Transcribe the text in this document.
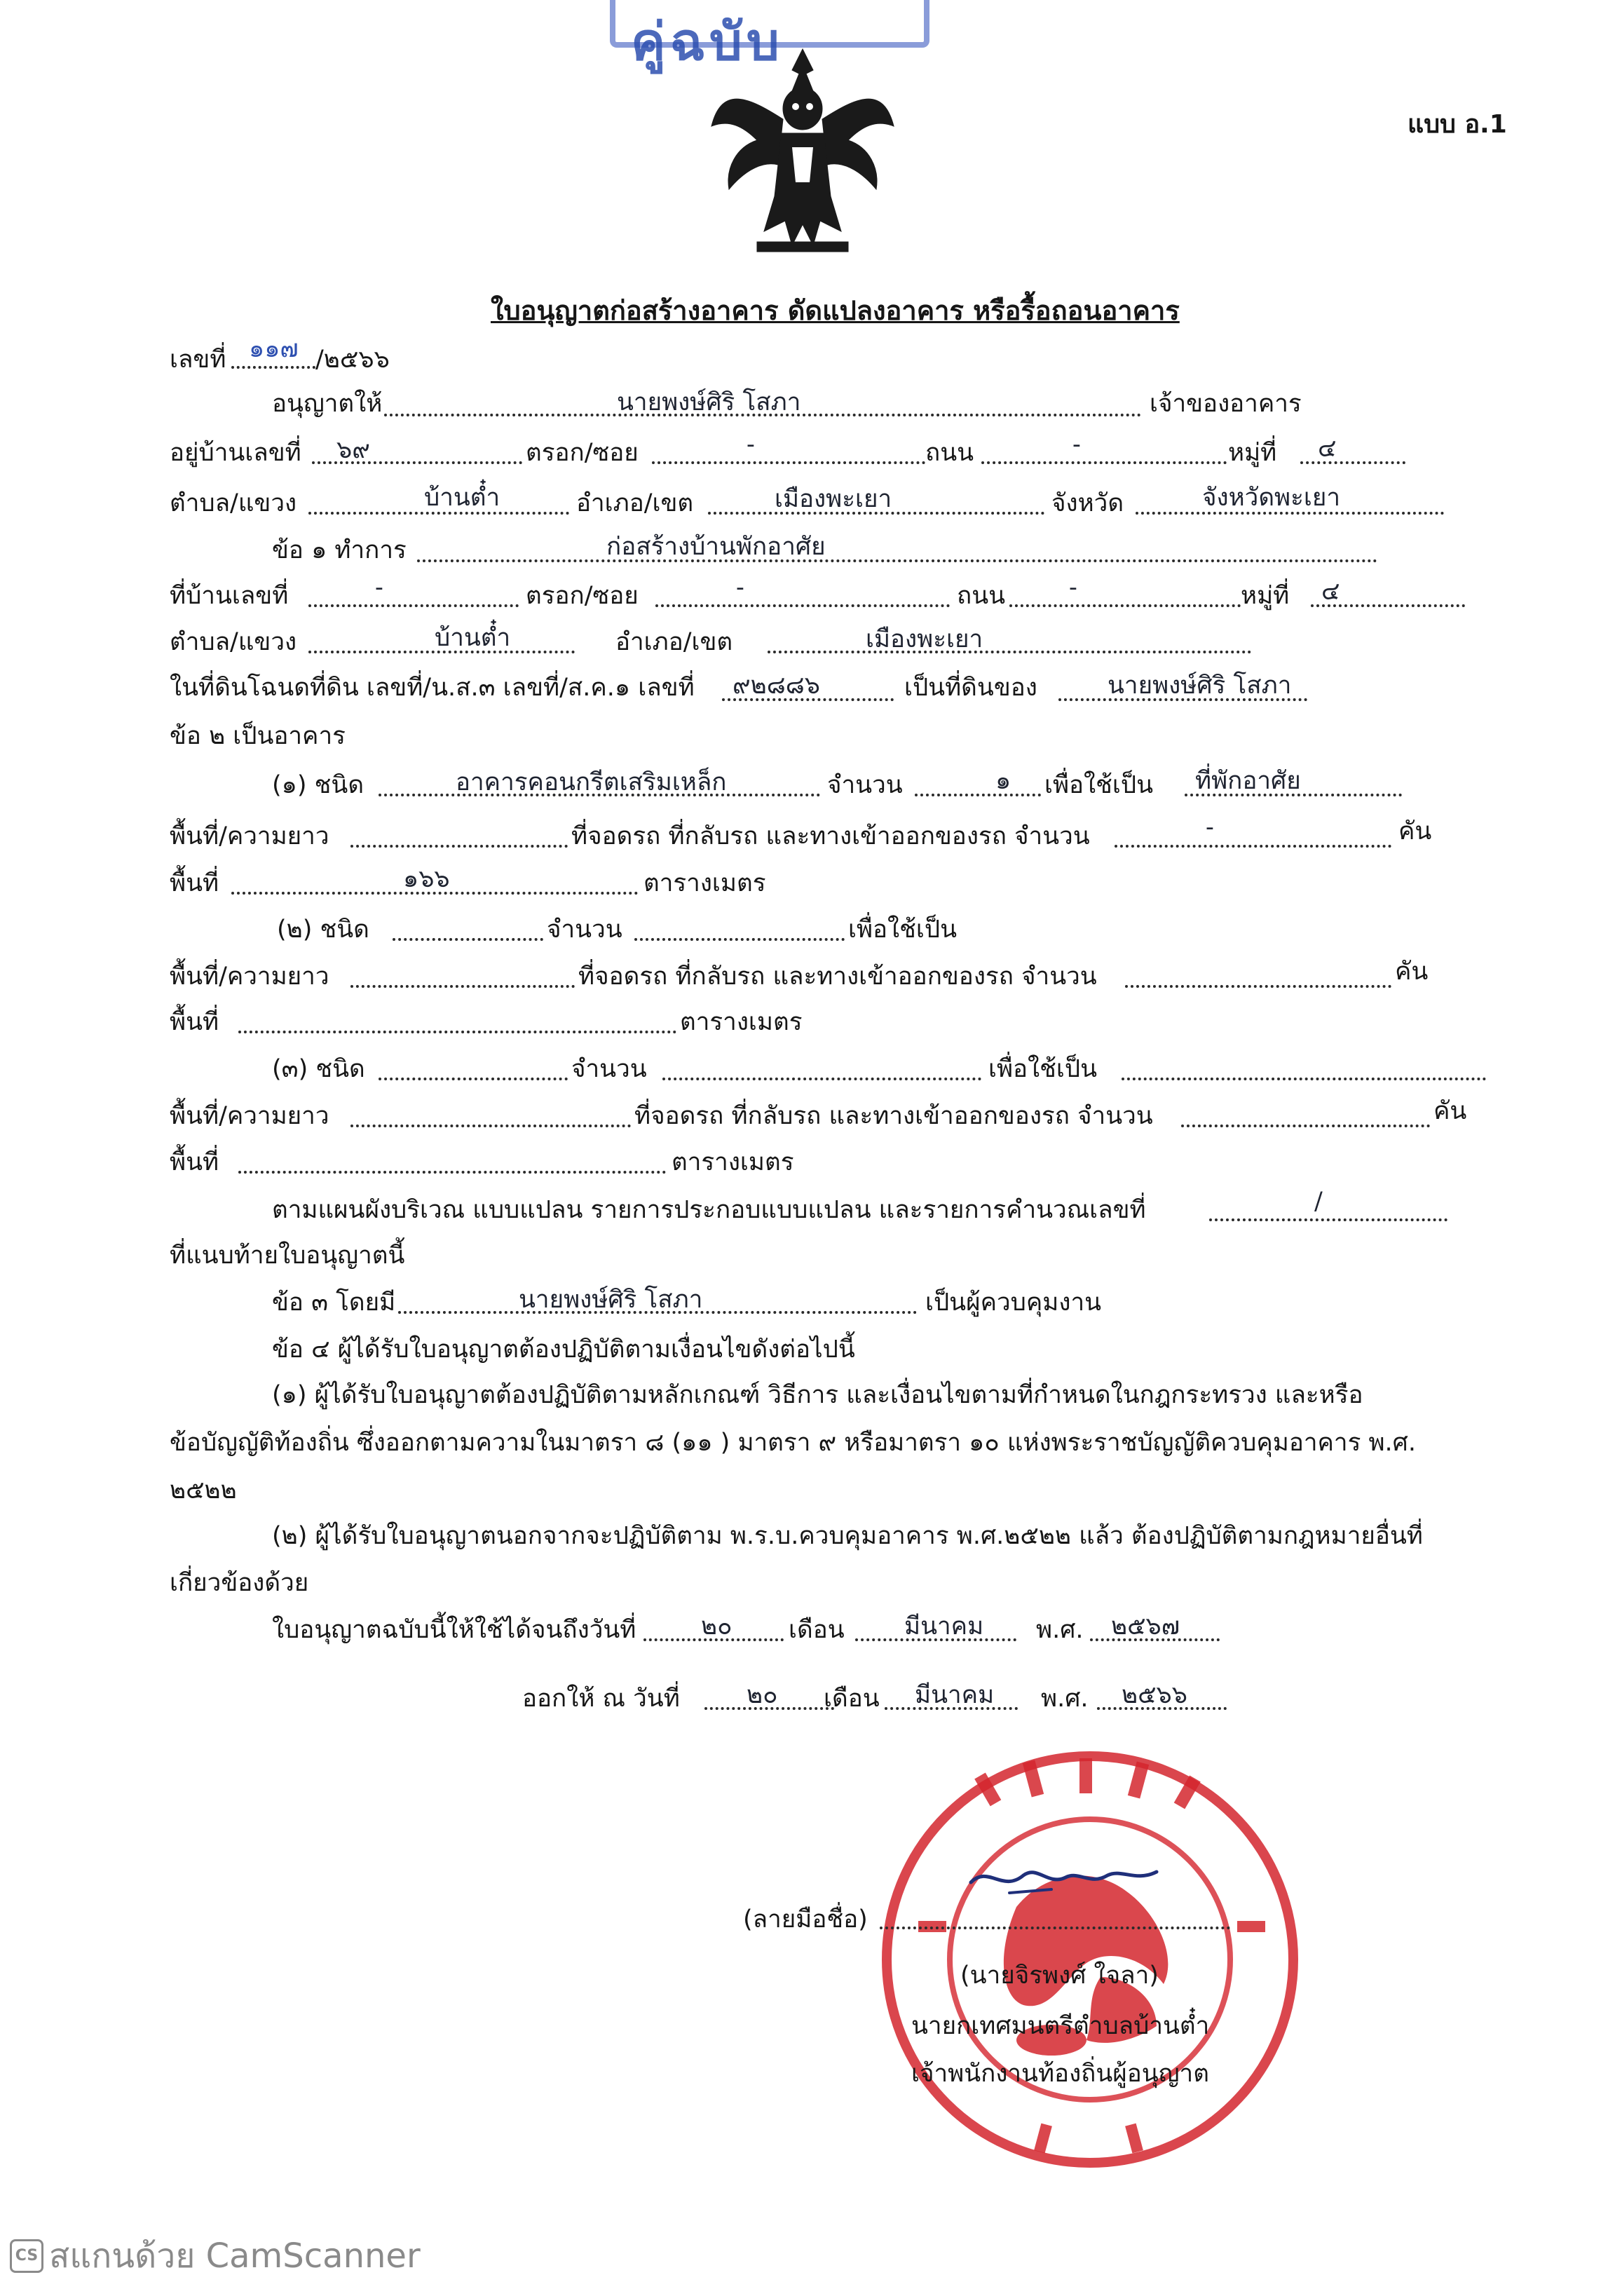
คู่ฉบับ
แบบ อ.1
ใบอนุญาตก่อสร้างอาคาร ดัดแปลงอาคาร หรือรื้อถอนอาคาร
เลขที่ ๑๑๗ /๒๕๖๖
อนุญาตให้	นายพงษ์ศิริ โสภา	เจ้าของอาคาร
อยู่บ้านเลขที่ ๖๙	ตรอก/ซอย	-	ถนน	-	หมู่ที่ ๔
ตำบล/แขวง	บ้านต๋ำ	อำเภอ/เขต	เมืองพะเยา	จังหวัด	จังหวัดพะเยา
ข้อ ๑ ทำการ	ก่อสร้างบ้านพักอาศัย
ที่บ้านเลขที่	-	ตรอก/ซอย	-	ถนน	-	หมู่ที่ ๔
ตำบล/แขวง	บ้านต๋ำ	อำเภอ/เขต	เมืองพะเยา
ในที่ดินโฉนดที่ดิน เลขที่/น.ส.๓ เลขที่/ส.ค.๑ เลขที่ ๙๒๘๘๖	เป็นที่ดินของ	นายพงษ์ศิริ โสภา
ข้อ ๒ เป็นอาคาร
(๑) ชนิด	อาคารคอนกรีตเสริมเหล็ก	จำนวน	๑ เพื่อใช้เป็น ที่พักอาศัย
พื้นที่/ความยาว	ที่จอดรถ ที่กลับรถ และทางเข้าออกของรถ จำนวน	-	คัน
พื้นที่	๑๖๖	ตารางเมตร
(๒) ชนิด	จำนวน	เพื่อใช้เป็น
พื้นที่/ความยาว	ที่จอดรถ ที่กลับรถ และทางเข้าออกของรถ จำนวน	คัน
พื้นที่	ตารางเมตร
(๓) ชนิด	จำนวน	เพื่อใช้เป็น
พื้นที่/ความยาว	ที่จอดรถ ที่กลับรถ และทางเข้าออกของรถ จำนวน	คัน
พื้นที่	ตารางเมตร
ตามแผนผังบริเวณ แบบแปลน รายการประกอบแบบแปลน และรายการคำนวณเลขที่	/
ที่แนบท้ายใบอนุญาตนี้
ข้อ ๓ โดยมี	นายพงษ์ศิริ โสภา	เป็นผู้ควบคุมงาน
ข้อ ๔ ผู้ได้รับใบอนุญาตต้องปฏิบัติตามเงื่อนไขดังต่อไปนี้
(๑) ผู้ได้รับใบอนุญาตต้องปฏิบัติตามหลักเกณฑ์ วิธีการ และเงื่อนไขตามที่กำหนดในกฎกระทรวง และหรือ
ข้อบัญญัติท้องถิ่น ซึ่งออกตามความในมาตรา ๘ (๑๑ ) มาตรา ๙ หรือมาตรา ๑๐ แห่งพระราชบัญญัติควบคุมอาคาร พ.ศ.
๒๕๒๒
(๒) ผู้ได้รับใบอนุญาตนอกจากจะปฏิบัติตาม พ.ร.บ.ควบคุมอาคาร พ.ศ.๒๕๒๒ แล้ว ต้องปฏิบัติตามกฎหมายอื่นที่
เกี่ยวข้องด้วย
ใบอนุญาตฉบับนี้ให้ใช้ได้จนถึงวันที่	๒๐ เดือน มีนาคม พ.ศ. ๒๕๖๗
ออกให้ ณ วันที่	๒๐ เดือน มีนาคม พ.ศ. ๒๕๖๖
(ลายมือชื่อ)
(นายจิรพงศ์ ใจลา)
นายกเทศมนตรีตำบลบ้านต๋ำ
เจ้าพนักงานท้องถิ่นผู้อนุญาต
CS สแกนด้วย CamScanner
